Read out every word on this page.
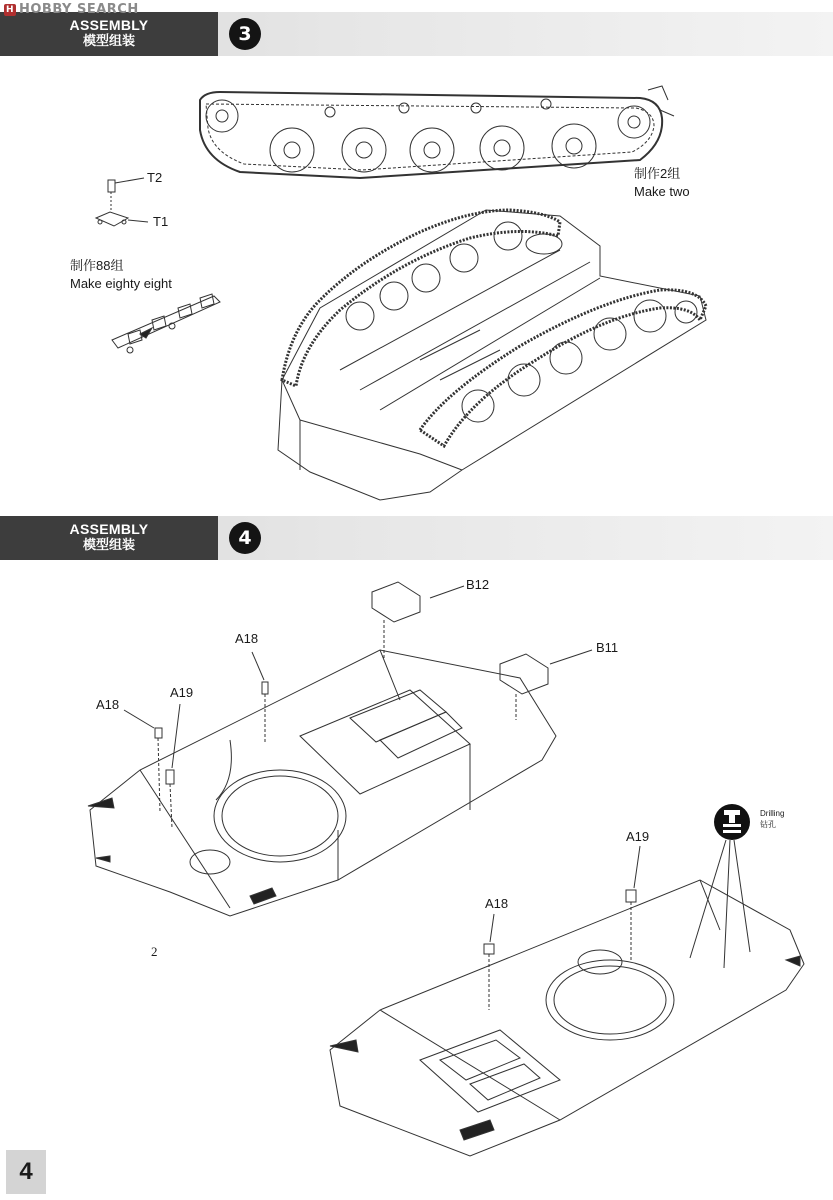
H HOBBY SEARCH
ASSEMBLY
模型组装	3
ASSEMBLY
模型组装	4
T2
T1
制作88组
Make eighty eight
制作2组
Make two
B12
B11
A18
A18
A19
A18
A19
2
Drilling
钻孔
4
